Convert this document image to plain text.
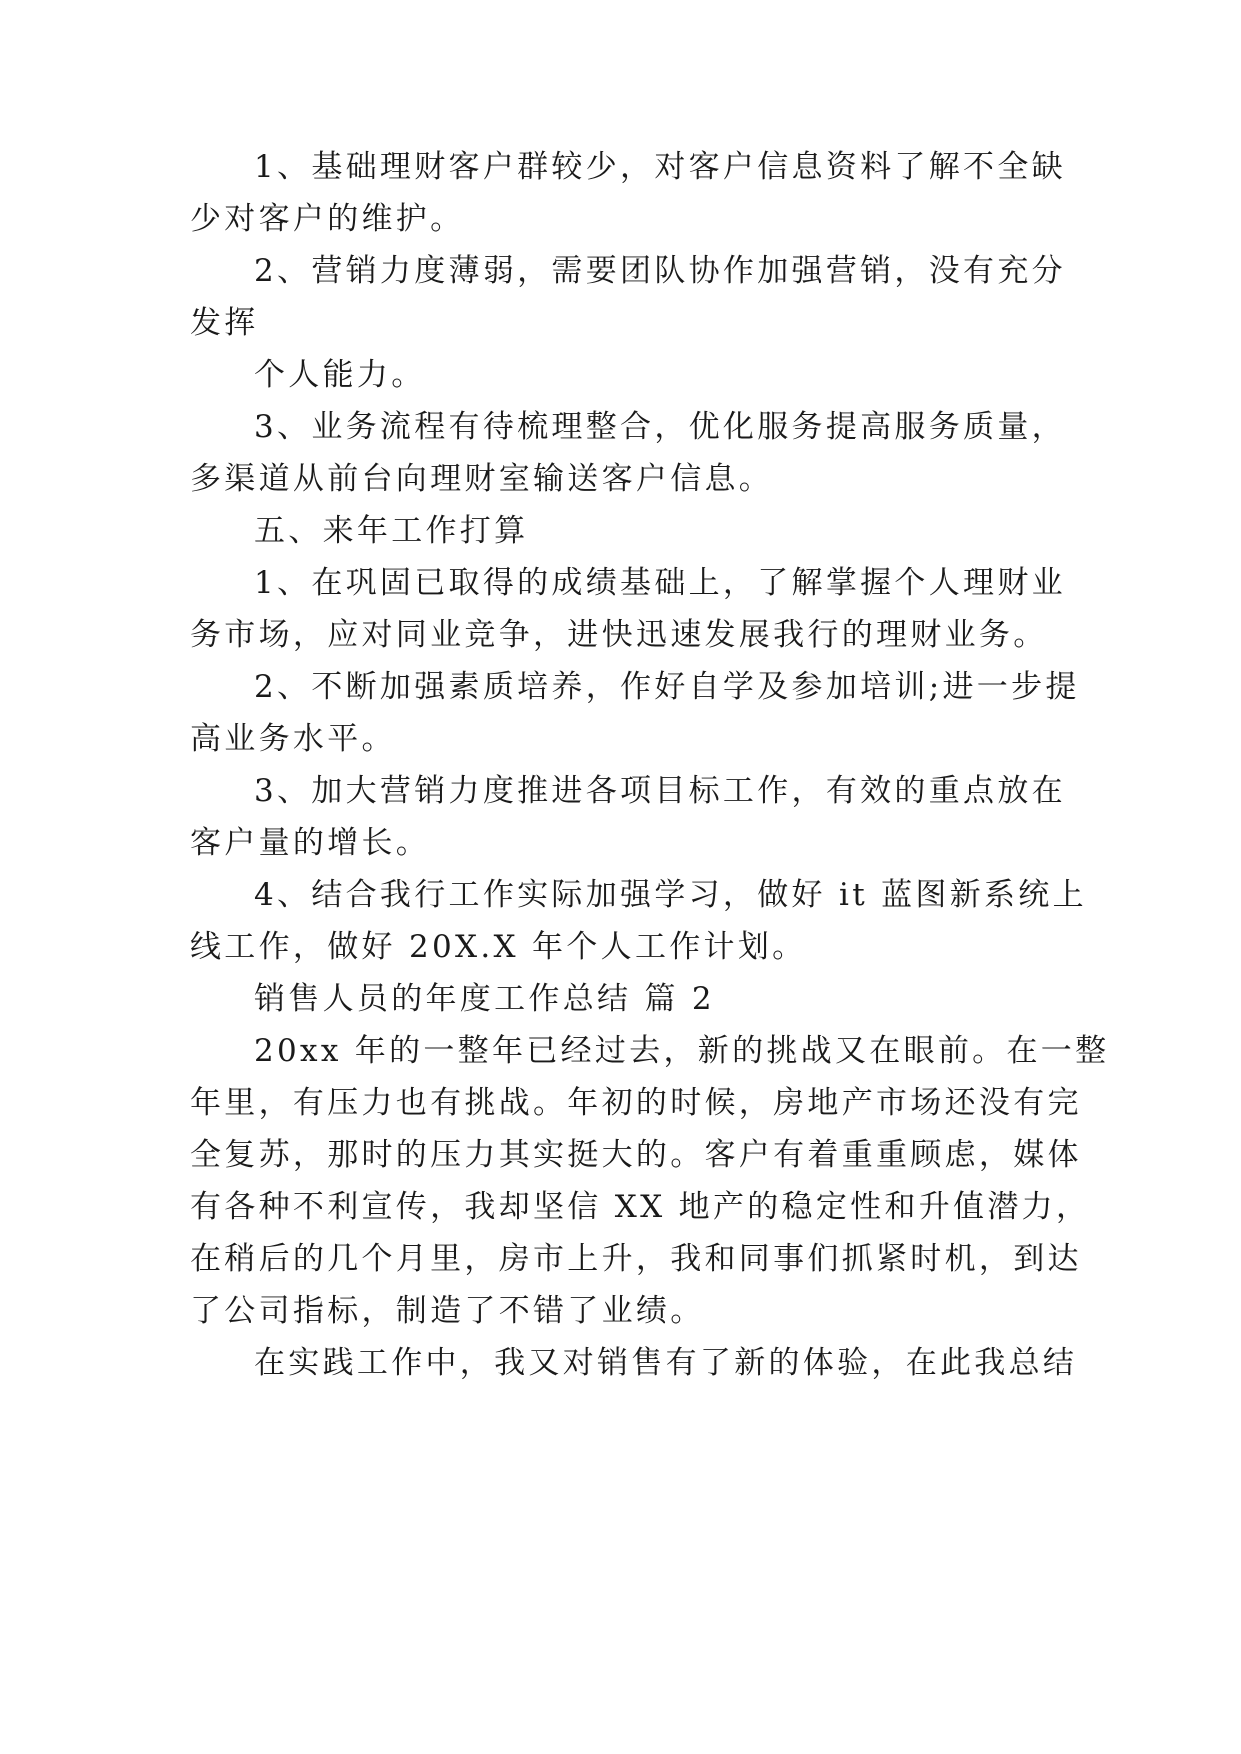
1、基础理财客户群较少，对客户信息资料了解不全缺

少对客户的维护。

2、营销力度薄弱，需要团队协作加强营销，没有充分

发挥

个人能力。

3、业务流程有待梳理整合，优化服务提高服务质量，

多渠道从前台向理财室输送客户信息。

五、来年工作打算

1、在巩固已取得的成绩基础上，了解掌握个人理财业

务市场，应对同业竞争，进快迅速发展我行的理财业务。

2、不断加强素质培养，作好自学及参加培训;进一步提

高业务水平。

3、加大营销力度推进各项目标工作，有效的重点放在

客户量的增长。

4、结合我行工作实际加强学习，做好 it 蓝图新系统上

线工作，做好 20X.X 年个人工作计划。

销售人员的年度工作总结 篇 2

20xx 年的一整年已经过去，新的挑战又在眼前。在一整

年里，有压力也有挑战。年初的时候，房地产市场还没有完

全复苏，那时的压力其实挺大的。客户有着重重顾虑，媒体

有各种不利宣传，我却坚信 XX 地产的稳定性和升值潜力，

在稍后的几个月里，房市上升，我和同事们抓紧时机，到达

了公司指标，制造了不错了业绩。

在实践工作中，我又对销售有了新的体验，在此我总结
